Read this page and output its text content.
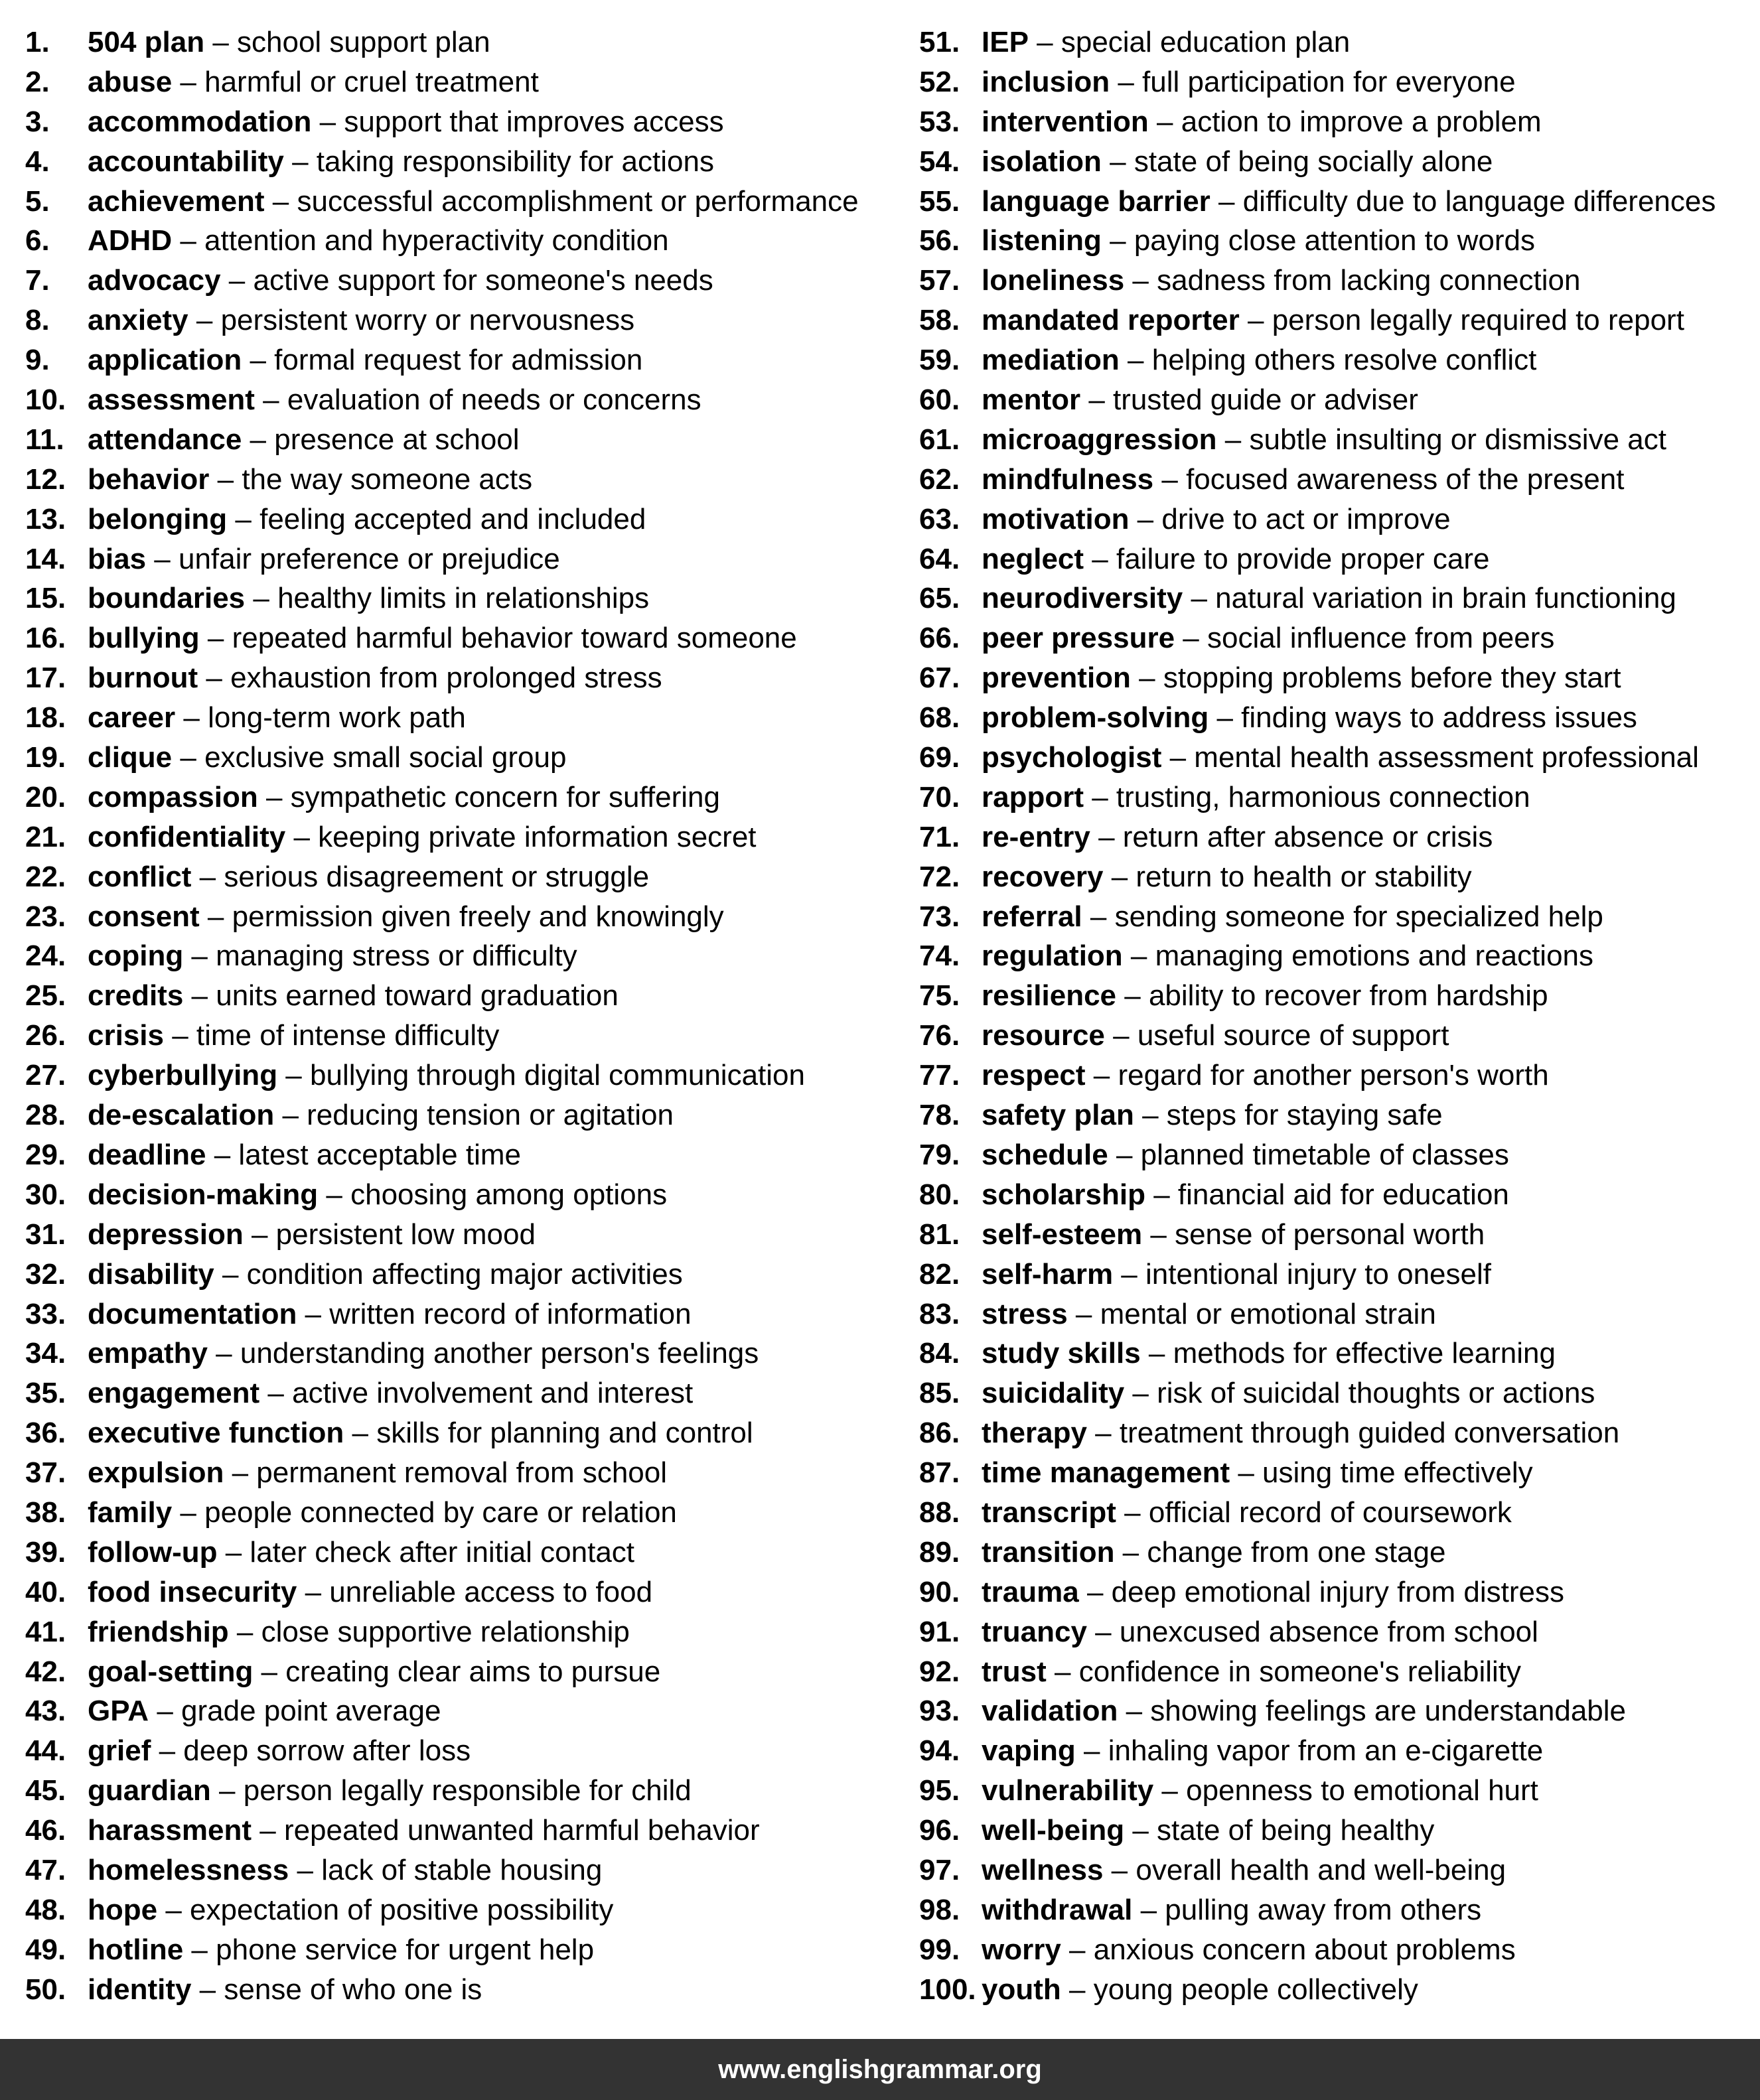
1. 504 plan – school support plan
2. abuse – harmful or cruel treatment
3. accommodation – support that improves access
4. accountability – taking responsibility for actions
5. achievement – successful accomplishment or performance
6. ADHD – attention and hyperactivity condition
7. advocacy – active support for someone's needs
8. anxiety – persistent worry or nervousness
9. application – formal request for admission
10. assessment – evaluation of needs or concerns
11. attendance – presence at school
12. behavior – the way someone acts
13. belonging – feeling accepted and included
14. bias – unfair preference or prejudice
15. boundaries – healthy limits in relationships
16. bullying – repeated harmful behavior toward someone
17. burnout – exhaustion from prolonged stress
18. career – long-term work path
19. clique – exclusive small social group
20. compassion – sympathetic concern for suffering
21. confidentiality – keeping private information secret
22. conflict – serious disagreement or struggle
23. consent – permission given freely and knowingly
24. coping – managing stress or difficulty
25. credits – units earned toward graduation
26. crisis – time of intense difficulty
27. cyberbullying – bullying through digital communication
28. de-escalation – reducing tension or agitation
29. deadline – latest acceptable time
30. decision-making – choosing among options
31. depression – persistent low mood
32. disability – condition affecting major activities
33. documentation – written record of information
34. empathy – understanding another person's feelings
35. engagement – active involvement and interest
36. executive function – skills for planning and control
37. expulsion – permanent removal from school
38. family – people connected by care or relation
39. follow-up – later check after initial contact
40. food insecurity – unreliable access to food
41. friendship – close supportive relationship
42. goal-setting – creating clear aims to pursue
43. GPA – grade point average
44. grief – deep sorrow after loss
45. guardian – person legally responsible for child
46. harassment – repeated unwanted harmful behavior
47. homelessness – lack of stable housing
48. hope – expectation of positive possibility
49. hotline – phone service for urgent help
50. identity – sense of who one is
51. IEP – special education plan
52. inclusion – full participation for everyone
53. intervention – action to improve a problem
54. isolation – state of being socially alone
55. language barrier – difficulty due to language differences
56. listening – paying close attention to words
57. loneliness – sadness from lacking connection
58. mandated reporter – person legally required to report
59. mediation – helping others resolve conflict
60. mentor – trusted guide or adviser
61. microaggression – subtle insulting or dismissive act
62. mindfulness – focused awareness of the present
63. motivation – drive to act or improve
64. neglect – failure to provide proper care
65. neurodiversity – natural variation in brain functioning
66. peer pressure – social influence from peers
67. prevention – stopping problems before they start
68. problem-solving – finding ways to address issues
69. psychologist – mental health assessment professional
70. rapport – trusting, harmonious connection
71. re-entry – return after absence or crisis
72. recovery – return to health or stability
73. referral – sending someone for specialized help
74. regulation – managing emotions and reactions
75. resilience – ability to recover from hardship
76. resource – useful source of support
77. respect – regard for another person's worth
78. safety plan – steps for staying safe
79. schedule – planned timetable of classes
80. scholarship – financial aid for education
81. self-esteem – sense of personal worth
82. self-harm – intentional injury to oneself
83. stress – mental or emotional strain
84. study skills – methods for effective learning
85. suicidality – risk of suicidal thoughts or actions
86. therapy – treatment through guided conversation
87. time management – using time effectively
88. transcript – official record of coursework
89. transition – change from one stage
90. trauma – deep emotional injury from distress
91. truancy – unexcused absence from school
92. trust – confidence in someone's reliability
93. validation – showing feelings are understandable
94. vaping – inhaling vapor from an e-cigarette
95. vulnerability – openness to emotional hurt
96. well-being – state of being healthy
97. wellness – overall health and well-being
98. withdrawal – pulling away from others
99. worry – anxious concern about problems
100. youth – young people collectively
www.englishgrammar.org
